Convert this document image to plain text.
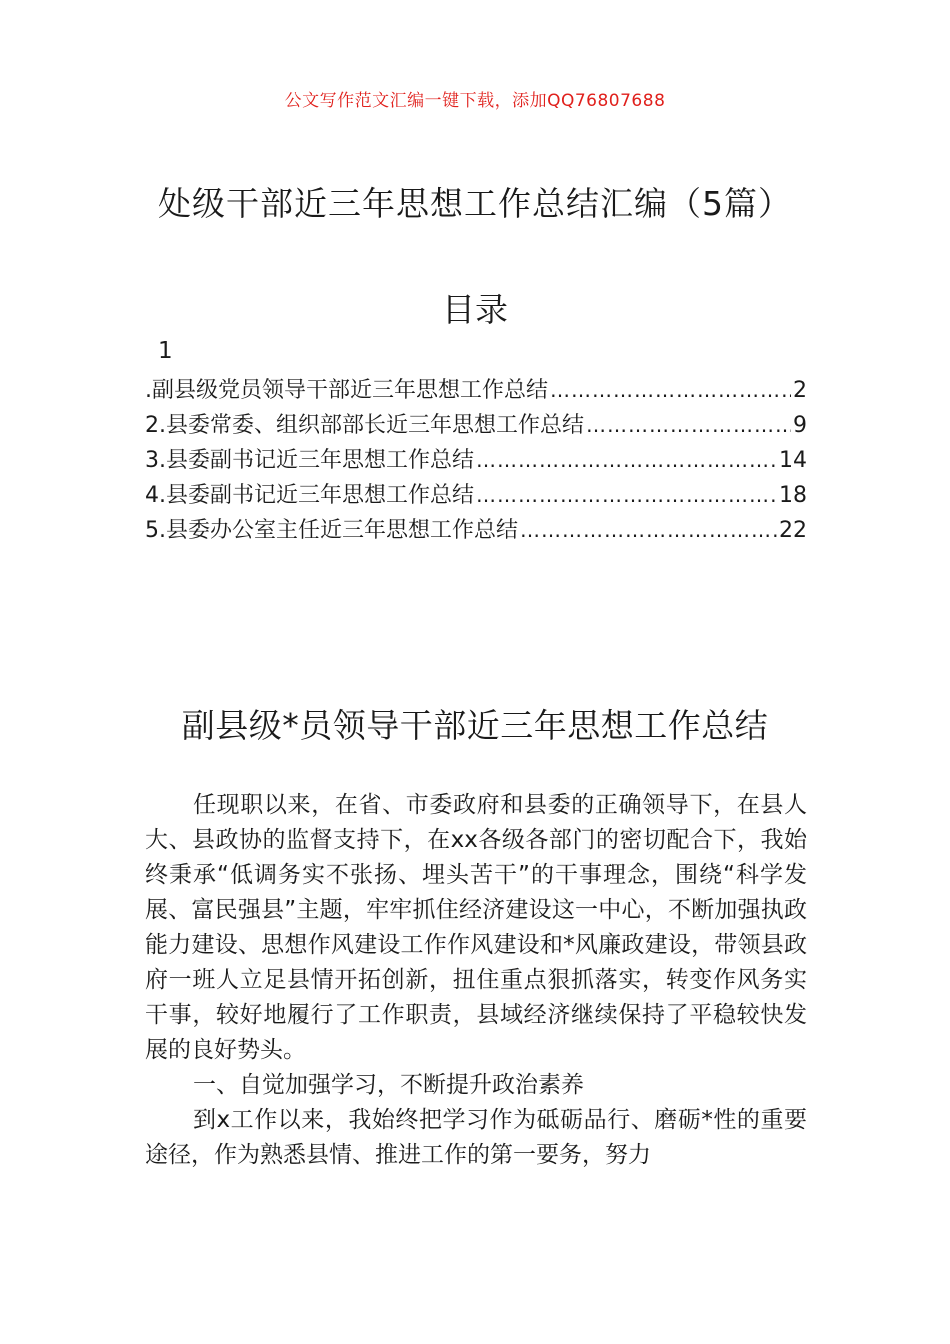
公文写作范文汇编一键下载，添加QQ76807688
处级干部近三年思想工作总结汇编（5篇）
目录
1
.副县级党员领导干部近三年思想工作总结 ……………………………………………………………………………………………………	2
2.县委常委、组织部部长近三年思想工作总结 ……………………………………………………………………………………………………	9
3.县委副书记近三年思想工作总结 ……………………………………………………………………………………………………	14
4.县委副书记近三年思想工作总结 ……………………………………………………………………………………………………	18
5.县委办公室主任近三年思想工作总结 ……………………………………………………………………………………………………	22
副县级*员领导干部近三年思想工作总结

任现职以来，在省、市委政府和县委的正确领导下，在县人大、县政协的监督支持下，在xx各级各部门的密切配合下，我始终秉承“低调务实不张扬、埋头苦干”的干事理念，围绕“科学发展、富民强县”主题，牢牢抓住经济建设这一中心，不断加强执政能力建设、思想作风建设工作作风建设和*风廉政建设，带领县政府一班人立足县情开拓创新，扭住重点狠抓落实，转变作风务实干事，较好地履行了工作职责，县域经济继续保持了平稳较快发展的良好势头。

一、自觉加强学习，不断提升政治素养

到x工作以来，我始终把学习作为砥砺品行、磨砺*性的重要途径，作为熟悉县情、推进工作的第一要务，努力
